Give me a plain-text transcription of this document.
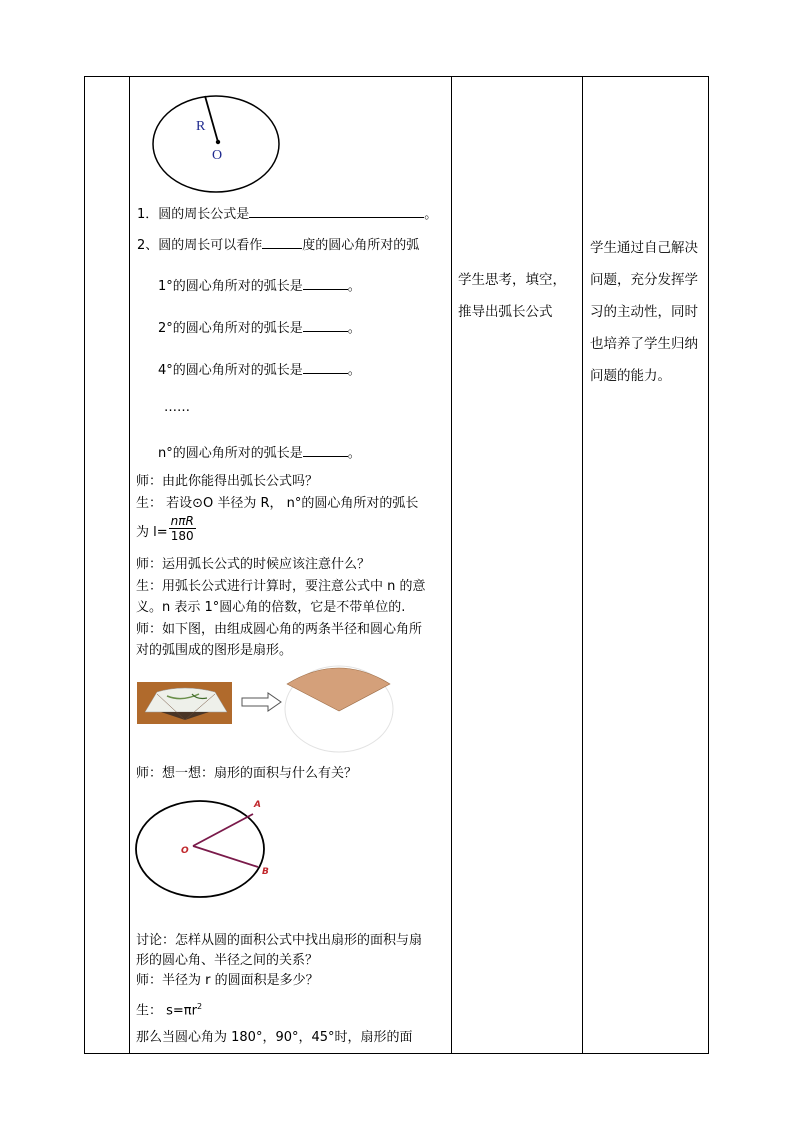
R
O
1．圆的周长公式是	。
2、圆的周长可以看作	度的圆心角所对的弧
1°的圆心角所对的弧长是	。
2°的圆心角所对的弧长是	。
4°的圆心角所对的弧长是	。
……
n°的圆心角所对的弧长是	。
师：由此你能得出弧长公式吗？
生： 若设⊙O 半径为 R， n°的圆心角所对的弧长
为 $l= \frac{\text{nπR}}{180}$
师：运用弧长公式的时候应该注意什么？
生：用弧长公式进行计算时，要注意公式中 n 的意
义。n 表示 1°圆心角的倍数，它是不带单位的.
师：如下图，由组成圆心角的两条半径和圆心角所
对的弧围成的图形是扇形。
师：想一想：扇形的面积与什么有关？
A
O
B
讨论：怎样从圆的面积公式中找出扇形的面积与扇
形的圆心角、半径之间的关系？
师：半径为 r 的圆面积是多少？
生： $s=\pi r^2$
那么当圆心角为 180°，90°，45°时，扇形的面
学生思考，填空，
推导出弧长公式
学生通过自己解决
问题，充分发挥学
习的主动性，同时
也培养了学生归纳
问题的能力。
